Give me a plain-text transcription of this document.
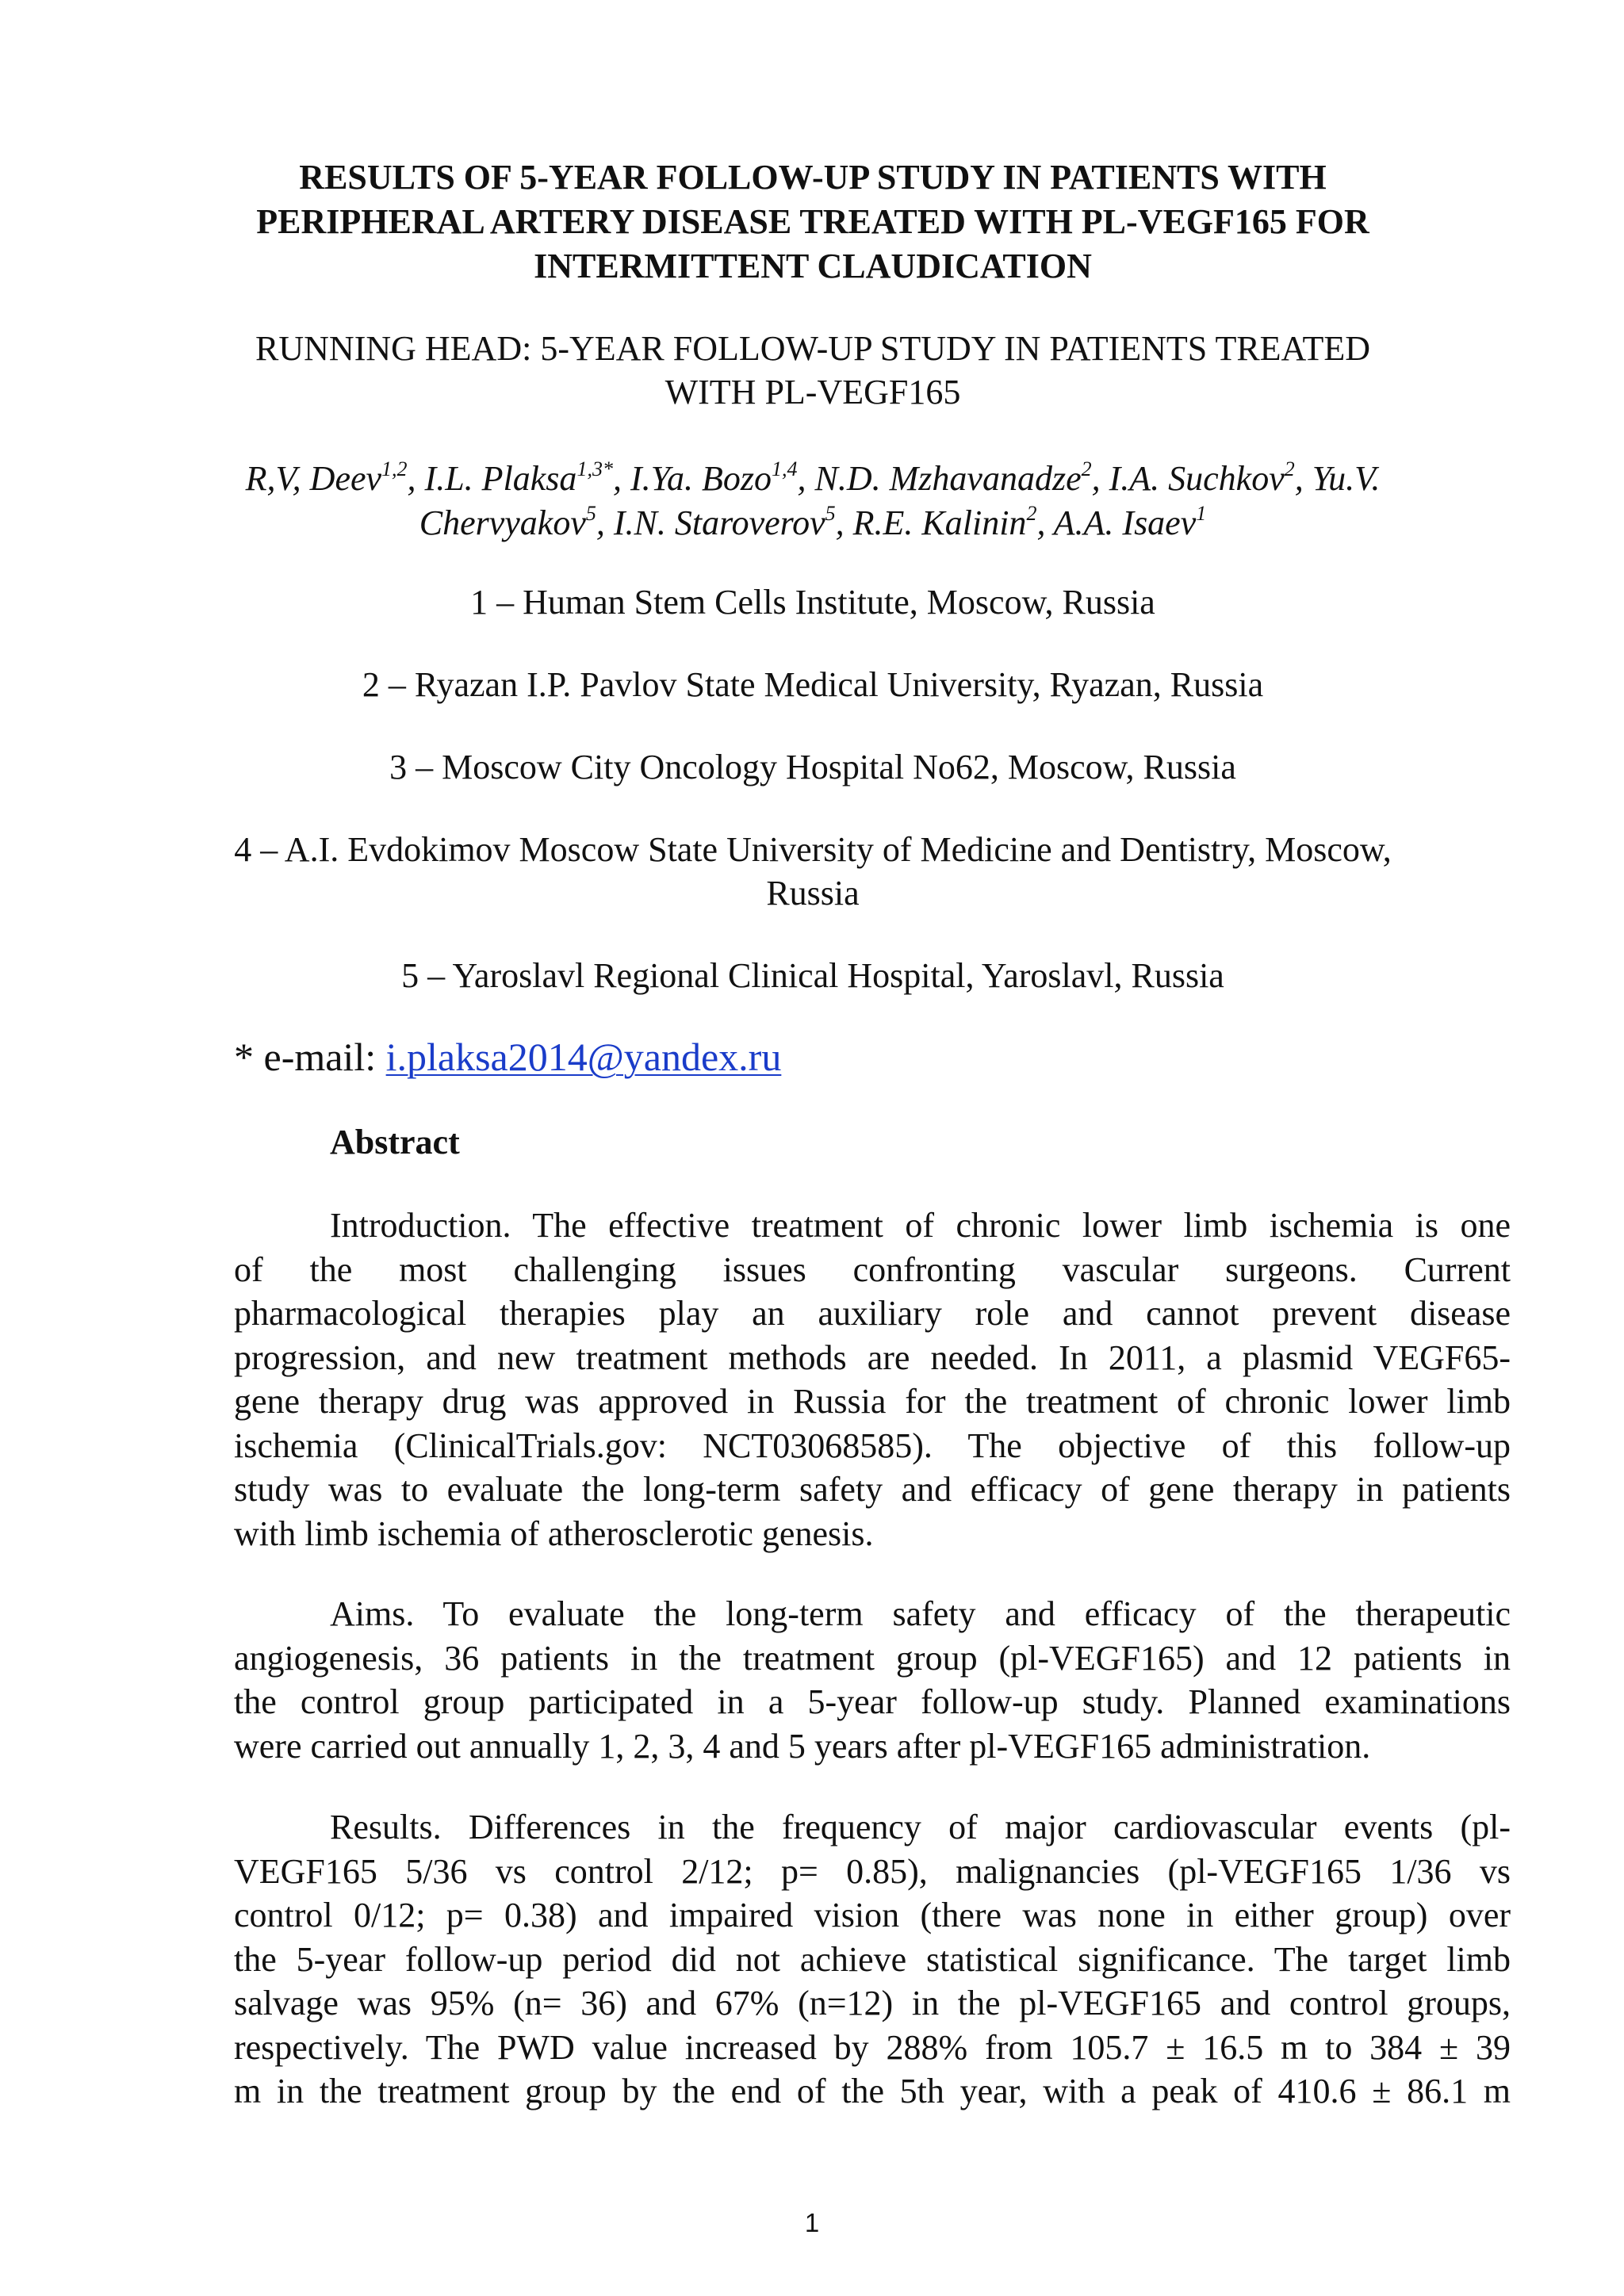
RESULTS OF 5-YEAR FOLLOW-UP STUDY IN PATIENTS WITH
PERIPHERAL ARTERY DISEASE TREATED WITH PL-VEGF165 FOR
INTERMITTENT CLAUDICATION
RUNNING HEAD: 5-YEAR FOLLOW-UP STUDY IN PATIENTS TREATED
WITH PL-VEGF165
R,V, Deev$^{1,2}$, I.L. Plaksa$^{1,3*}$, I.Ya. Bozo$^{1,4}$, N.D. Mzhavanadze$^2$, I.A. Suchkov$^2$, Yu.V.
Chervyakov$^5$, I.N. Staroverov$^5$, R.E. Kalinin$^2$, A.A. Isaev$^1$
1 – Human Stem Cells Institute, Moscow, Russia
2 – Ryazan I.P. Pavlov State Medical University, Ryazan, Russia
3 – Moscow City Oncology Hospital No62, Moscow, Russia
4 – A.I. Evdokimov Moscow State University of Medicine and Dentistry, Moscow,
Russia
5 – Yaroslavl Regional Clinical Hospital, Yaroslavl, Russia
* e-mail: i.plaksa2014@yandex.ru
Abstract
Introduction. The effective treatment of chronic lower limb ischemia is one
of the most challenging issues confronting vascular surgeons. Current
pharmacological therapies play an auxiliary role and cannot prevent disease
progression, and new treatment methods are needed. In 2011, a plasmid VEGF65-
gene therapy drug was approved in Russia for the treatment of chronic lower limb
ischemia (ClinicalTrials.gov: NCT03068585). The objective of this follow-up
study was to evaluate the long-term safety and efficacy of gene therapy in patients
with limb ischemia of atherosclerotic genesis.
Aims. To evaluate the long-term safety and efficacy of the therapeutic
angiogenesis, 36 patients in the treatment group (pl-VEGF165) and 12 patients in
the control group participated in a 5-year follow-up study. Planned examinations
were carried out annually 1, 2, 3, 4 and 5 years after pl-VEGF165 administration.
Results. Differences in the frequency of major cardiovascular events (pl-
VEGF165 5/36 vs control 2/12; p= 0.85), malignancies (pl-VEGF165 1/36 vs
control 0/12; p= 0.38) and impaired vision (there was none in either group) over
the 5-year follow-up period did not achieve statistical significance. The target limb
salvage was 95% (n= 36) and 67% (n=12) in the pl-VEGF165 and control groups,
respectively. The PWD value increased by 288% from 105.7 ± 16.5 m to 384 ± 39
m in the treatment group by the end of the 5th year, with a peak of 410.6 ± 86.1 m
1
